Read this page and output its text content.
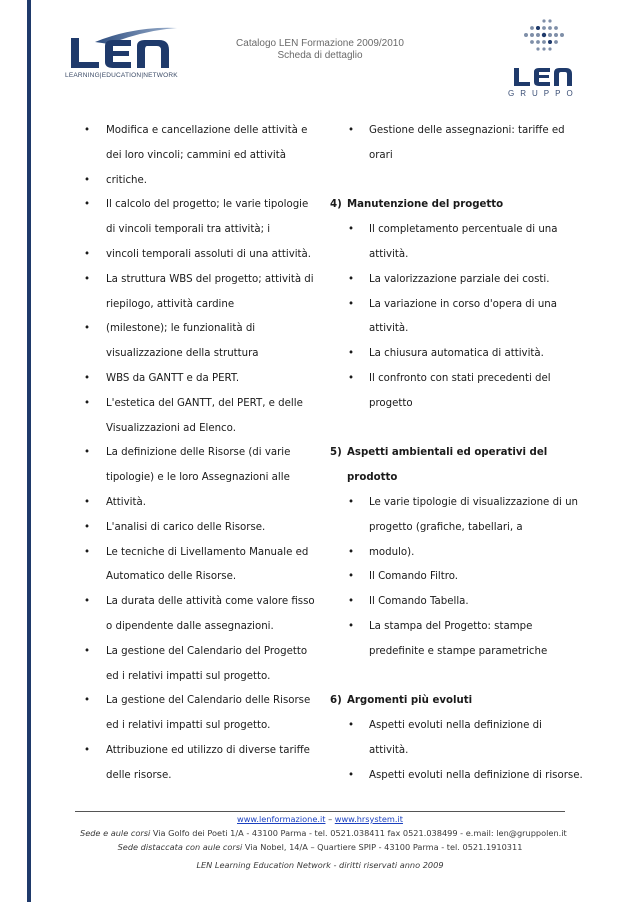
LEARNING|EDUCATION|NETWORK
Catalogo LEN Formazione 2009/2010
Scheda di dettaglio
GRUPPO
• Modifica e cancellazione delle attività e
dei loro vincoli; cammini ed attività
• critiche.
• Il calcolo del progetto; le varie tipologie
di vincoli temporali tra attività; i
• vincoli temporali assoluti di una attività.
• La struttura WBS del progetto; attività di
riepilogo, attività cardine
• (milestone); le funzionalità di
visualizzazione della struttura
• WBS da GANTT e da PERT.
• L'estetica del GANTT, del PERT, e delle
Visualizzazioni ad Elenco.
• La definizione delle Risorse (di varie
tipologie) e le loro Assegnazioni alle
• Attività.
• L'analisi di carico delle Risorse.
• Le tecniche di Livellamento Manuale ed
Automatico delle Risorse.
• La durata delle attività come valore fisso
o dipendente dalle assegnazioni.
• La gestione del Calendario del Progetto
ed i relativi impatti sul progetto.
• La gestione del Calendario delle Risorse
ed i relativi impatti sul progetto.
• Attribuzione ed utilizzo di diverse tariffe
delle risorse.
• Gestione delle assegnazioni: tariffe ed
orari
4) Manutenzione del progetto
• Il completamento percentuale di una
attività.
• La valorizzazione parziale dei costi.
• La variazione in corso d'opera di una
attività.
• La chiusura automatica di attività.
• Il confronto con stati precedenti del
progetto
5) Aspetti ambientali ed operativi del
prodotto
• Le varie tipologie di visualizzazione di un
progetto (grafiche, tabellari, a
• modulo).
• Il Comando Filtro.
• Il Comando Tabella.
• La stampa del Progetto: stampe
predefinite e stampe parametriche
6) Argomenti più evoluti
• Aspetti evoluti nella definizione di
attività.
• Aspetti evoluti nella definizione di risorse.
www.lenformazione.it – www.hrsystem.it
Sede e aule corsi Via Golfo dei Poeti 1/A - 43100 Parma - tel. 0521.038411 fax 0521.038499 - e.mail: len@gruppolen.it
Sede distaccata con aule corsi Via Nobel, 14/A – Quartiere SPIP - 43100 Parma - tel. 0521.1910311
LEN Learning Education Network - diritti riservati anno 2009
